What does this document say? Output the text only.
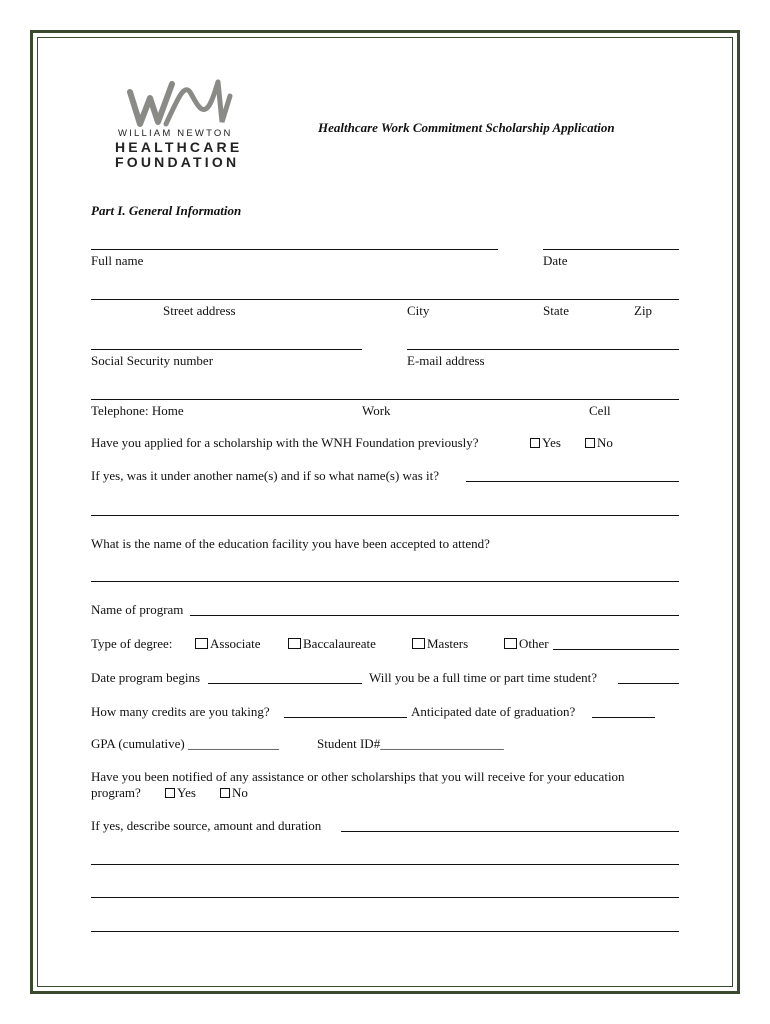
WILLIAM NEWTON
HEALTHCARE
FOUNDATION
Healthcare Work Commitment Scholarship Application
Part I. General Information
Full name	Date
Street address	City	State	Zip
Social Security number	E-mail address
Telephone: Home	Work	Cell
Have you applied for a scholarship with the WNH Foundation previously?	Yes	No
If yes, was it under another name(s) and if so what name(s) was it?
What is the name of the education facility you have been accepted to attend?
Name of program
Type of degree:	Associate	Baccalaureate	Masters	Other
Date program begins	Will you be a full time or part time student?
How many credits are you taking?	Anticipated date of graduation?
GPA (cumulative) ______________	Student ID#___________________
Have you been notified of any assistance or other scholarships that you will receive for your education
program?	Yes	No
If yes, describe source, amount and duration
